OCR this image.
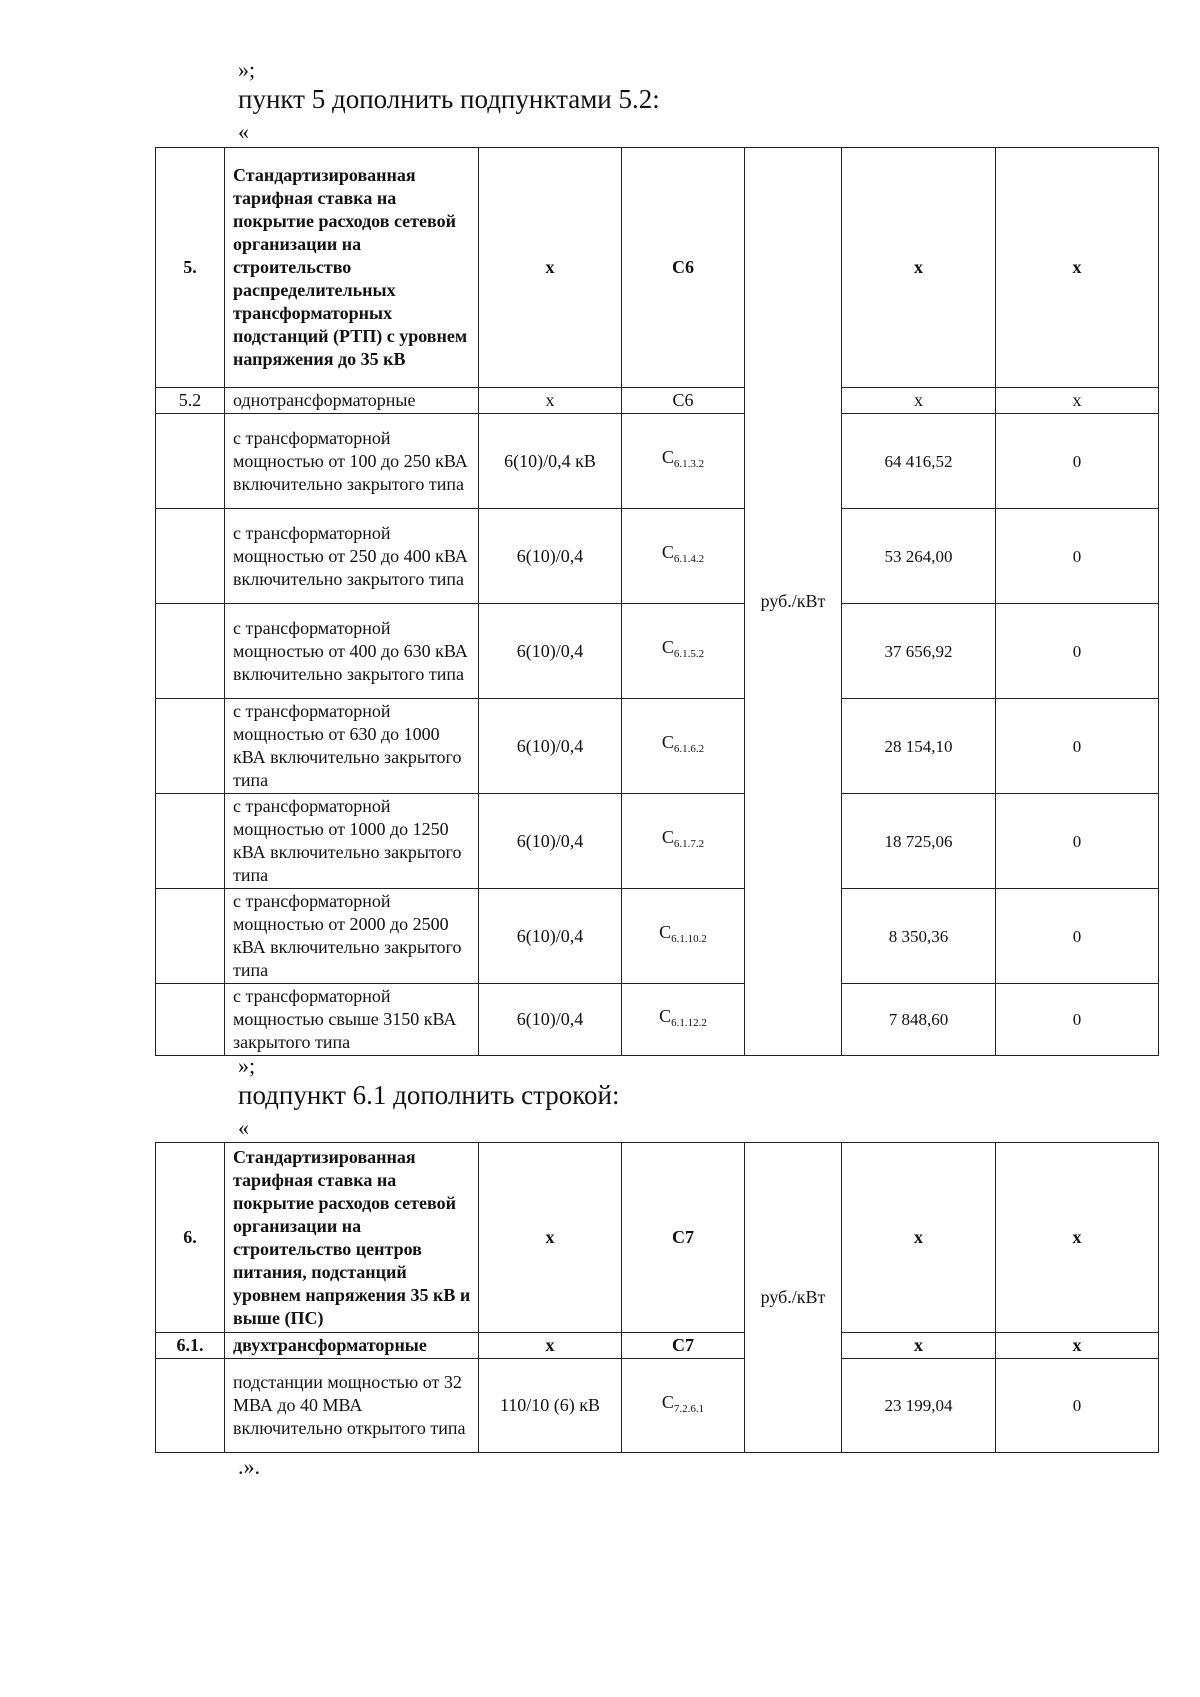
»;

пункт 5 дополнить подпунктами 5.2:

«

5.	Стандартизированная тарифная ставка на покрытие расходов сетевой организации на строительство распределительных трансформаторных подстанций (РТП) с уровнем напряжения до 35 кВ	x	С6	руб./кВт	x	x
5.2	однотрансформаторные	x	С6		x	x
	с трансформаторной мощностью от 100 до 250 кВА включительно закрытого типа	6(10)/0,4 кВ	$С_{6.1.3.2}$		64 416,52	0
	с трансформаторной мощностью от 250 до 400 кВА включительно закрытого типа	6(10)/0,4	$С_{6.1.4.2}$		53 264,00	0
	с трансформаторной мощностью от 400 до 630 кВА включительно закрытого типа	6(10)/0,4	$С_{6.1.5.2}$		37 656,92	0
	с трансформаторной мощностью от 630 до 1000 кВА включительно закрытого типа	6(10)/0,4	$С_{6.1.6.2}$		28 154,10	0
	с трансформаторной мощностью от 1000 до 1250 кВА включительно закрытого типа	6(10)/0,4	$С_{6.1.7.2}$		18 725,06	0
	с трансформаторной мощностью от 2000 до 2500 кВА включительно закрытого типа	6(10)/0,4	$С_{6.1.10.2}$		8 350,36	0
	с трансформаторной мощностью свыше 3150 кВА закрытого типа	6(10)/0,4	$С_{6.1.12.2}$		7 848,60	0

»;

подпункт 6.1 дополнить строкой:

«

6.	Стандартизированная тарифная ставка на покрытие расходов сетевой организации на строительство центров питания, подстанций уровнем напряжения 35 кВ и выше (ПС)	x	С7	руб./кВт	x	x
6.1.	двухтрансформаторные	x	С7		x	x
	подстанции мощностью от 32 МВА до 40 МВА включительно открытого типа	110/10 (6) кВ	$С_{7.2.6.1}$		23 199,04	0

.».
